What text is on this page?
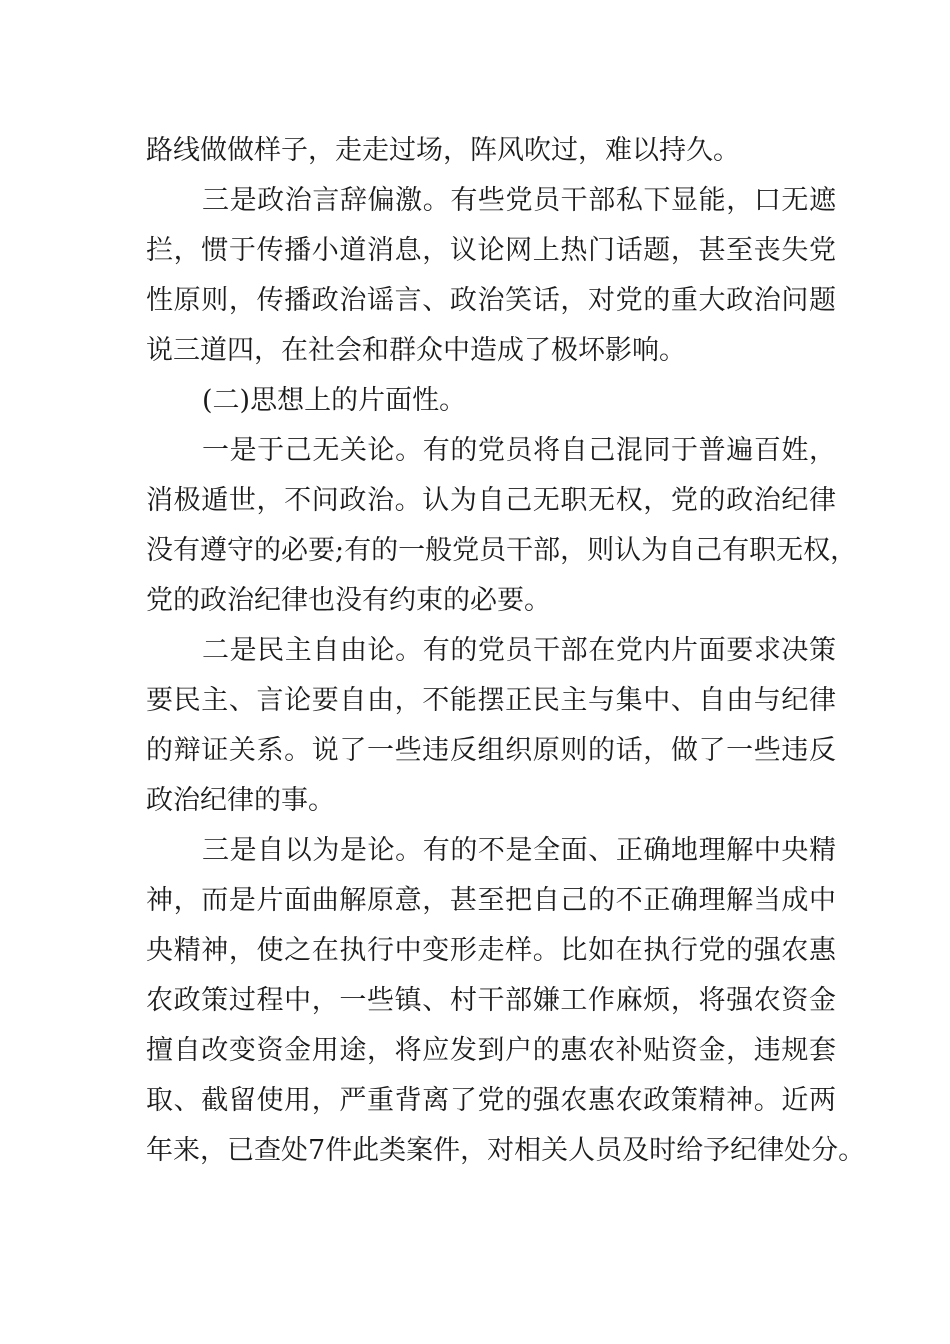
路线做做样子，走走过场，阵风吹过，难以持久。
三是政治言辞偏激。有些党员干部私下显能，口无遮
拦，惯于传播小道消息，议论网上热门话题，甚至丧失党
性原则，传播政治谣言、政治笑话，对党的重大政治问题
说三道四，在社会和群众中造成了极坏影响。
(二)思想上的片面性。
一是于己无关论。有的党员将自己混同于普遍百姓，
消极遁世，不问政治。认为自己无职无权，党的政治纪律
没有遵守的必要;有的一般党员干部，则认为自己有职无权，
党的政治纪律也没有约束的必要。
二是民主自由论。有的党员干部在党内片面要求决策
要民主、言论要自由，不能摆正民主与集中、自由与纪律
的辩证关系。说了一些违反组织原则的话，做了一些违反
政治纪律的事。
三是自以为是论。有的不是全面、正确地理解中央精
神，而是片面曲解原意，甚至把自己的不正确理解当成中
央精神，使之在执行中变形走样。比如在执行党的强农惠
农政策过程中，一些镇、村干部嫌工作麻烦，将强农资金
擅自改变资金用途，将应发到户的惠农补贴资金，违规套
取、截留使用，严重背离了党的强农惠农政策精神。近两
年来，已查处7件此类案件，对相关人员及时给予纪律处分。
